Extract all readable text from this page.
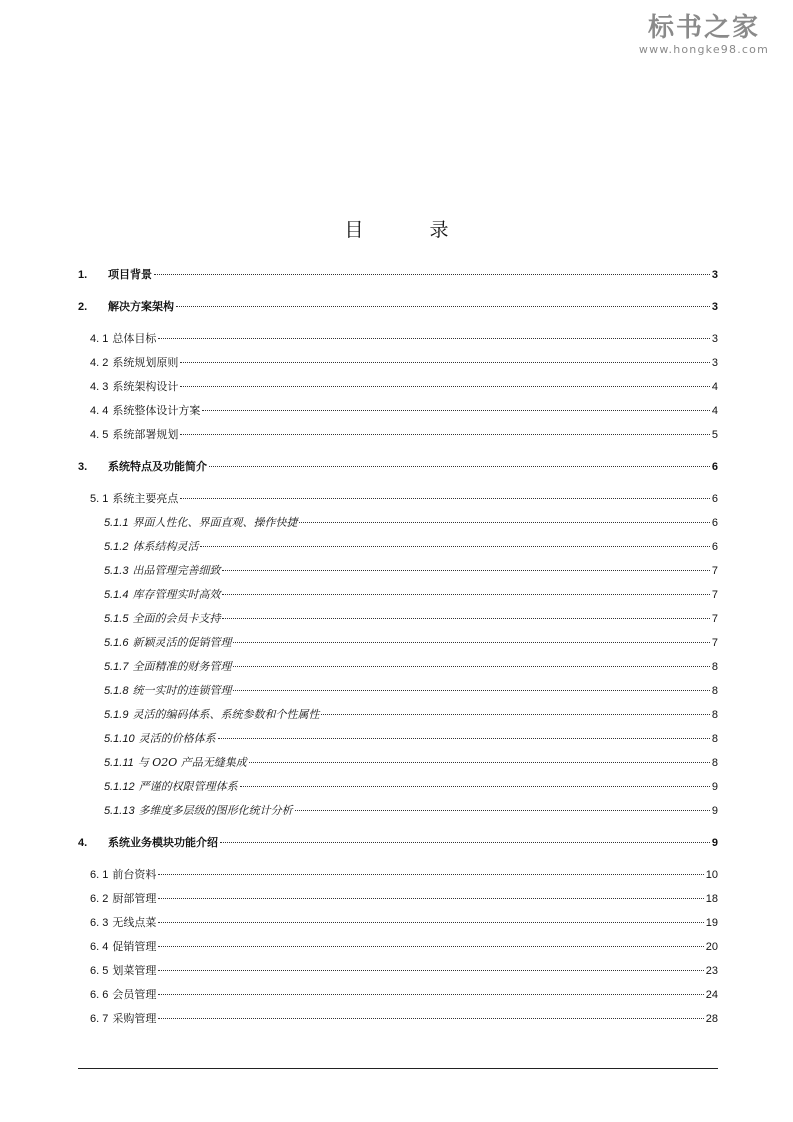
标书之家
www.hongke98.com
目 录
1.	项目背景	3
2.	解决方案架构	3
4. 1 总体目标	3
4. 2 系统规划原则	3
4. 3 系统架构设计	4
4. 4 系统整体设计方案	4
4. 5 系统部署规划	5
3.	系统特点及功能简介	6
5. 1 系统主要亮点	6
5.1.1 界面人性化、界面直观、操作快捷	6
5.1.2 体系结构灵活	6
5.1.3 出品管理完善细致	7
5.1.4 库存管理实时高效	7
5.1.5 全面的会员卡支持	7
5.1.6 新颖灵活的促销管理	7
5.1.7 全面精准的财务管理	8
5.1.8 统一实时的连锁管理	8
5.1.9 灵活的编码体系、系统参数和个性属性	8
5.1.10 灵活的价格体系	8
5.1.11 与 O2O 产品无缝集成	8
5.1.12 严谨的权限管理体系	9
5.1.13 多维度多层级的图形化统计分析	9
4.	系统业务模块功能介绍	9
6. 1 前台资料	10
6. 2 厨部管理	18
6. 3 无线点菜	19
6. 4 促销管理	20
6. 5 划菜管理	23
6. 6 会员管理	24
6. 7 采购管理	28
